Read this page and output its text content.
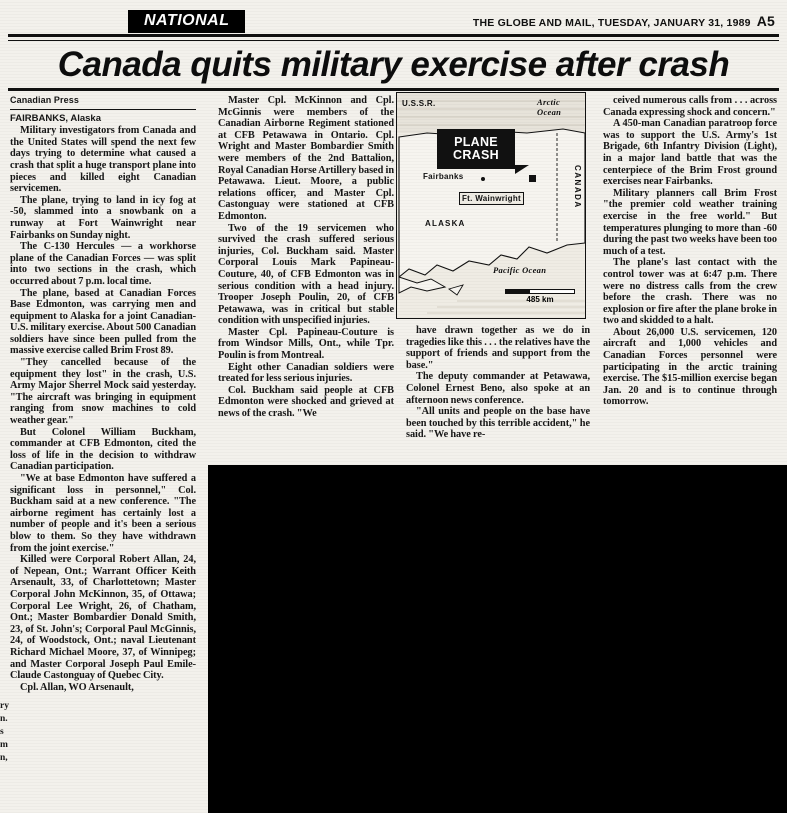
NATIONAL	THE GLOBE AND MAIL, TUESDAY, JANUARY 31, 1989 A5
Canada quits military exercise after crash
Canadian Press
FAIRBANKS, Alaska

Military investigators from Canada and the United States will spend the next few days trying to determine what caused a crash that split a huge transport plane into pieces and killed eight Canadian servicemen.

The plane, trying to land in icy fog at -50, slammed into a snowbank on a runway at Fort Wainwright near Fairbanks on Sunday night.

The C-130 Hercules — a workhorse plane of the Canadian Forces — was split into two sections in the crash, which occurred about 7 p.m. local time.

The plane, based at Canadian Forces Base Edmonton, was carrying men and equipment to Alaska for a joint Canadian-U.S. military exercise. About 500 Canadian soldiers have since been pulled from the massive exercise called Brim Frost 89.

"They cancelled because of the equipment they lost" in the crash, U.S. Army Major Sherrel Mock said yesterday. "The aircraft was bringing in equipment ranging from snow machines to cold weather gear."

But Colonel William Buckham, commander at CFB Edmonton, cited the loss of life in the decision to withdraw Canadian participation.

"We at base Edmonton have suffered a significant loss in personnel," Col. Buckham said at a new conference. "The airborne regiment has certainly lost a number of people and it's been a serious blow to them. So they have withdrawn from the joint exercise."

Killed were Corporal Robert Allan, 24, of Nepean, Ont.; Warrant Officer Keith Arsenault, 33, of Charlottetown; Master Corporal John McKinnon, 35, of Ottawa; Corporal Lee Wright, 26, of Chatham, Ont.; Master Bombardier Donald Smith, 23, of St. John's; Corporal Paul McGinnis, 24, of Woodstock, Ont.; naval Lieutenant Richard Michael Moore, 37, of Winnipeg; and Master Corporal Joseph Paul Emile-Claude Castonguay of Quebec City.

Cpl. Allan, WO Arsenault,

Master Cpl. McKinnon and Cpl. McGinnis were members of the Canadian Airborne Regiment stationed at CFB Petawawa in Ontario. Cpl. Wright and Master Bombardier Smith were members of the 2nd Battalion, Royal Canadian Horse Artillery based in Petawawa. Lieut. Moore, a public relations officer, and Master Cpl. Castonguay were stationed at CFB Edmonton.

Two of the 19 servicemen who survived the crash suffered serious injuries, Col. Buckham said. Master Corporal Louis Mark Papineau- Couture, 40, of CFB Edmonton was in serious condition with a head injury. Trooper Joseph Poulin, 20, of CFB Petawawa, was in critical but stable condition with unspecified injuries.

Master Cpl. Papineau-Couture is from Windsor Mills, Ont., while Tpr. Poulin is from Montreal.

Eight other Canadian soldiers were treated for less serious injuries.

Col. Buckham said people at CFB Edmonton were shocked and grieved at news of the crash. "We

ceived numerous calls from . . . across Canada expressing shock and concern."

A 450-man Canadian paratroop force was to support the U.S. Army's 1st Brigade, 6th Infantry Division (Light), in a major land battle that was the centerpiece of the Brim Frost ground exercises near Fairbanks.

Military planners call Brim Frost "the premier cold weather training exercise in the free world." But temperatures plunging to more than -60 during the past two weeks have been too much of a test.

The plane's last contact with the control tower was at 6:47 p.m. There were no distress calls from the crew before the crash. There was no explosion or fire after the plane broke in two and skidded to a halt.

About 26,000 U.S. servicemen, 120 aircraft and 1,000 vehicles and Canadian Forces personnel were participating in the arctic training exercise. The $15-million exercise began Jan. 20 and is to continue through tomorrow.

have drawn together as we do in tragedies like this . . . the relatives have the support of friends and support from the base."

The deputy commander at Petawawa, Colonel Ernest Beno, also spoke at an afternoon news conference.

"All units and people on the base have been touched by this terrible accident," he said. "We have re-

PLANE
CRASH
U.S.S.R.	Arctic
Ocean
ALASKA
CANADA
Pacific Ocean
Fairbanks
Ft. Wainwright
485 km
ry
n.
s
m
n,
